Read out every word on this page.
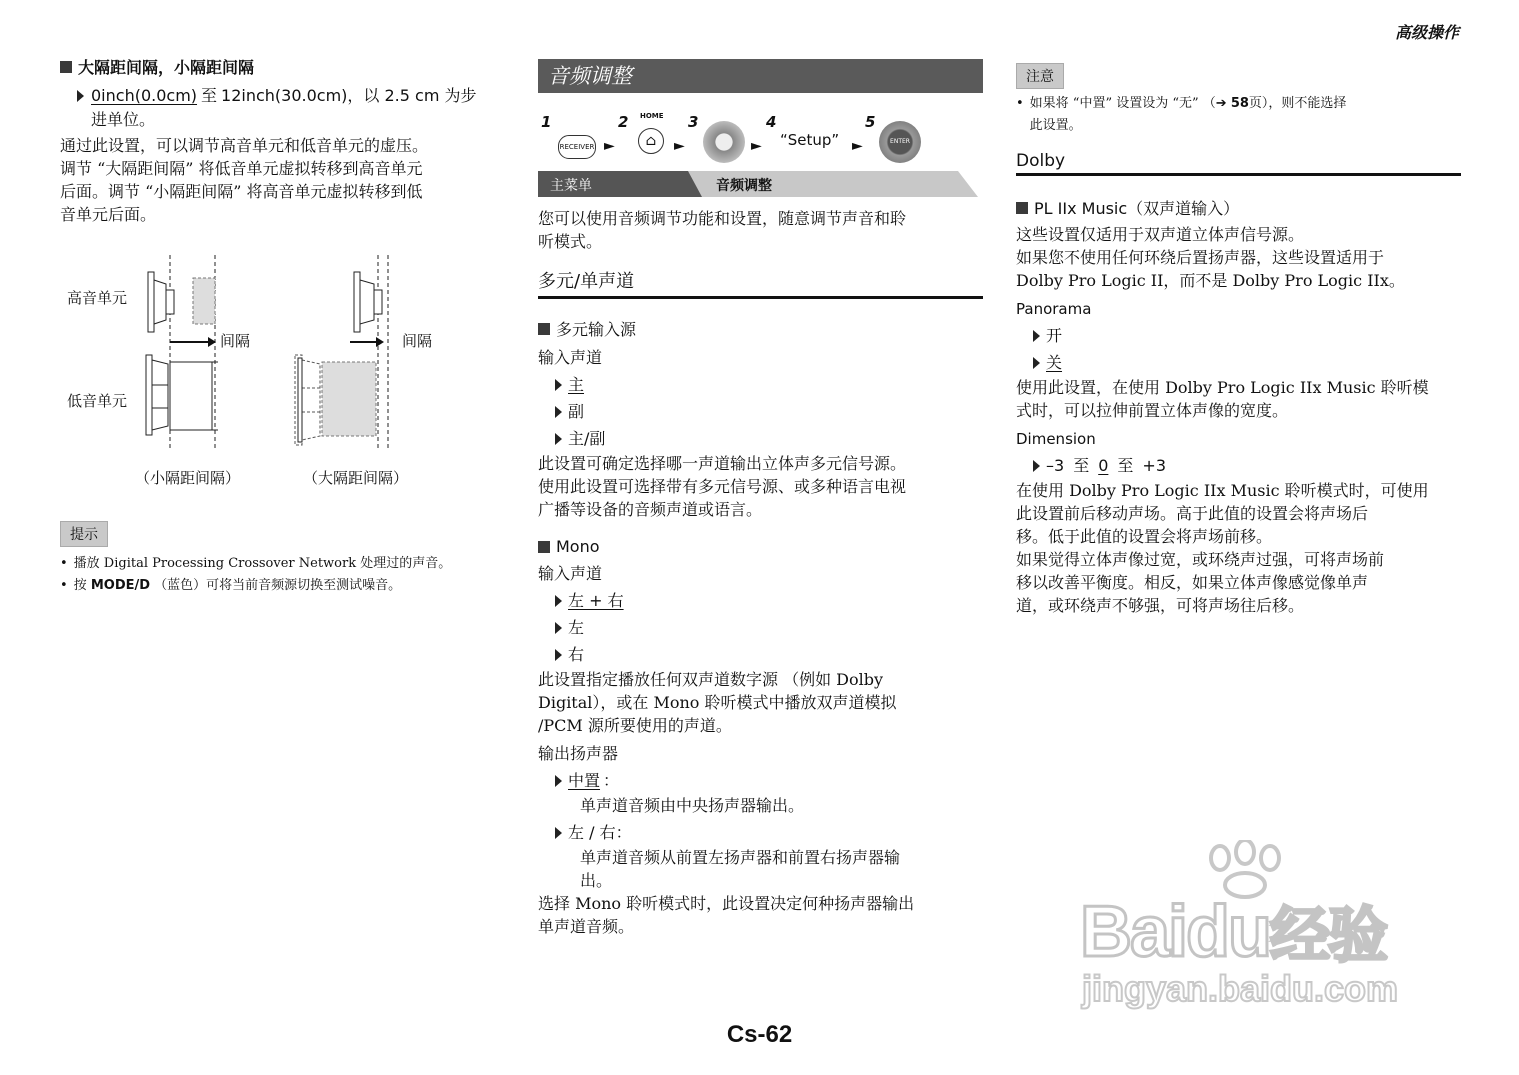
高级操作
大隔距间隔，小隔距间隔
0inch(0.0cm) 至 12inch(30.0cm)，以 2.5 cm 为步
进单位。
通过此设置，可以调节高音单元和低音单元的虚压。
调节 “大隔距间隔” 将低音单元虚拟转移到高音单元
后面。调节 “小隔距间隔” 将高音单元虚拟转移到低
音单元后面。
高音单元
低音单元
间隔	间隔
（小隔距间隔）	（大隔距间隔）
提示
• 播放 Digital Processing Crossover Network 处理过的声音。
• 按 MODE/D （蓝色）可将当前音频源切换至测试噪音。
音频调整
1
RECEIVER ►
2 HOME
⌂	►
3
►
4
“Setup” ►
5
ENTER
主菜单	音频调整
您可以使用音频调节功能和设置，随意调节声音和聆
听模式。
多元/单声道
多元输入源
输入声道
主
副
主/副
此设置可确定选择哪一声道输出立体声多元信号源。
使用此设置可选择带有多元信号源、或多种语言电视
广播等设备的音频声道或语言。
Mono
输入声道
左 + 右
左
右
此设置指定播放任何双声道数字源 （例如 Dolby
Digital），或在 Mono 聆听模式中播放双声道模拟
/PCM 源所要使用的声道。
输出扬声器
中置 ：
单声道音频由中央扬声器输出。
左 / 右：
单声道音频从前置左扬声器和前置右扬声器输
出。
选择 Mono 聆听模式时，此设置决定何种扬声器输出
单声道音频。
注意
• 如果将 “中置” 设置设为 “无” （➔ 58页），则不能选择
此设置。
Dolby
PL IIx Music（双声道输入）
这些设置仅适用于双声道立体声信号源。
如果您不使用任何环绕后置扬声器，这些设置适用于
Dolby Pro Logic II，而不是 Dolby Pro Logic IIx。
Panorama
开
关
使用此设置，在使用 Dolby Pro Logic IIx Music 聆听模
式时，可以拉伸前置立体声像的宽度。
Dimension
–3 至 0 至 +3
在使用 Dolby Pro Logic IIx Music 聆听模式时，可使用
此设置前后移动声场。高于此值的设置会将声场后
移。低于此值的设置会将声场前移。
如果觉得立体声像过宽，或环绕声过强，可将声场前
移以改善平衡度。相反，如果立体声像感觉像单声
道，或环绕声不够强，可将声场往后移。
Baidu经验
jingyan.baidu.com
Cs-62
